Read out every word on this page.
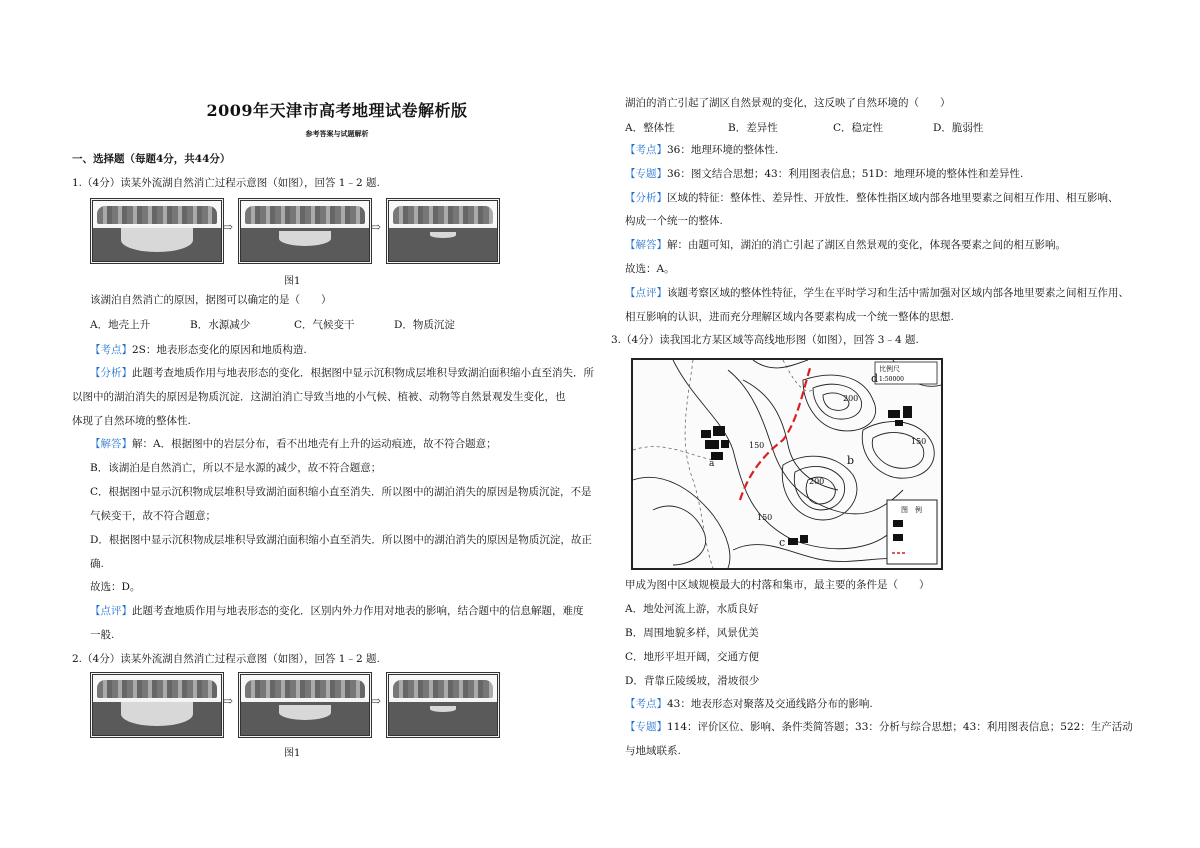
2009年天津市高考地理试卷解析版
参考答案与试题解析
一、选择题（每题4分，共44分）
1.（4分）读某外流湖自然消亡过程示意图（如图），回答 1﹣2 题.
⇨	⇨
图1
该湖泊自然消亡的原因，据图可以确定的是（　　）
A．地壳上升	B．水源减少	C．气候变干	D．物质沉淀
【考点】2S：地表形态变化的原因和地质构造.
【分析】此题考查地质作用与地表形态的变化．根据图中显示沉积物成层堆积导致湖泊面积缩小直至消失．所
以图中的湖泊消失的原因是物质沉淀．这湖泊消亡导致当地的小气候、植被、动物等自然景观发生变化，也
体现了自然环境的整体性.
【解答】解：A．根据图中的岩层分布，看不出地壳有上升的运动痕迹，故不符合题意；
B．该湖泊是自然消亡，所以不是水源的减少，故不符合题意；
C．根据图中显示沉积物成层堆积导致湖泊面积缩小直至消失．所以图中的湖泊消失的原因是物质沉淀，不是
气候变干，故不符合题意；
D．根据图中显示沉积物成层堆积导致湖泊面积缩小直至消失．所以图中的湖泊消失的原因是物质沉淀，故正
确.
故选：D。
【点评】此题考查地质作用与地表形态的变化．区别内外力作用对地表的影响，结合题中的信息解题，难度
一般.
2.（4分）读某外流湖自然消亡过程示意图（如图），回答 1﹣2 题.
⇨	⇨
图1
湖泊的消亡引起了湖区自然景观的变化，这反映了自然环境的（　　）
A．整体性	B．差异性	C．稳定性	D．脆弱性
【考点】36：地理环境的整体性.
【专题】36：图文结合思想；43：利用图表信息；51D：地理环境的整体性和差异性.
【分析】区域的特征：整体性、差异性、开放性．整体性指区域内部各地里要素之间相互作用、相互影响、
构成一个统一的整体.
【解答】解：由题可知，湖泊的消亡引起了湖区自然景观的变化，体现各要素之间的相互影响。
故选：A。
【点评】该题考察区域的整体性特征，学生在平时学习和生活中需加强对区域内部各地里要素之间相互作用、
相互影响的认识，进而充分理解区域内各要素构成一个统一整体的思想.
3.（4分）读我国北方某区域等高线地形图（如图），回答 3﹣4 题.
比例尺
1:50000
图　例
200
200
150
150
150
a	b
c
d
甲成为图中区域规模最大的村落和集市，最主要的条件是（　　）
A．地处河流上游，水质良好
B．周围地貌多样，风景优美
C．地形平坦开阔，交通方便
D．背靠丘陵缓坡，滑坡很少
【考点】43：地表形态对聚落及交通线路分布的影响.
【专题】114：评价区位、影响、条件类简答题；33：分析与综合思想；43：利用图表信息；522：生产活动
与地域联系.
